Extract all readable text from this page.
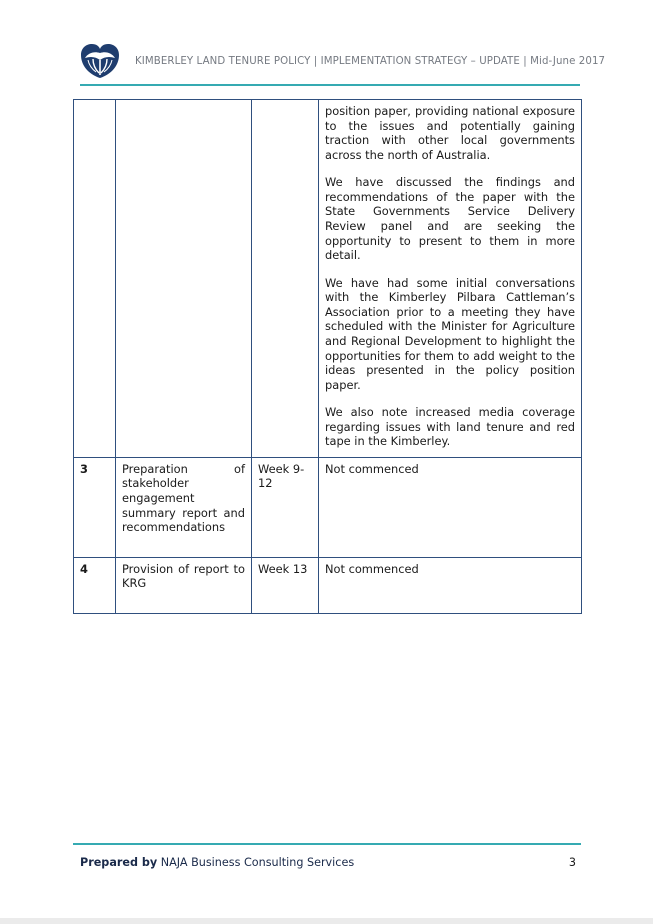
KIMBERLEY LAND TENURE POLICY | IMPLEMENTATION STRATEGY – UPDATE | Mid-June 2017

			position paper, providing national exposure to the issues and potentially gaining traction with other local governments across the north of Australia.

We have discussed the findings and recommendations of the paper with the State Governments Service Delivery Review panel and are seeking the opportunity to present to them in more detail.

We have had some initial conversations with the Kimberley Pilbara Cattleman’s Association prior to a meeting they have scheduled with the Minister for Agriculture and Regional Development to highlight the opportunities for them to add weight to the ideas presented in the policy position paper.

We also note increased media coverage regarding issues with land tenure and red tape in the Kimberley.

3	Preparation of stakeholder engagement summary report and recommendations	Week 9-12	Not commenced
4	Provision of report to KRG	Week 13	Not commenced
Prepared by NAJA Business Consulting Services	3
